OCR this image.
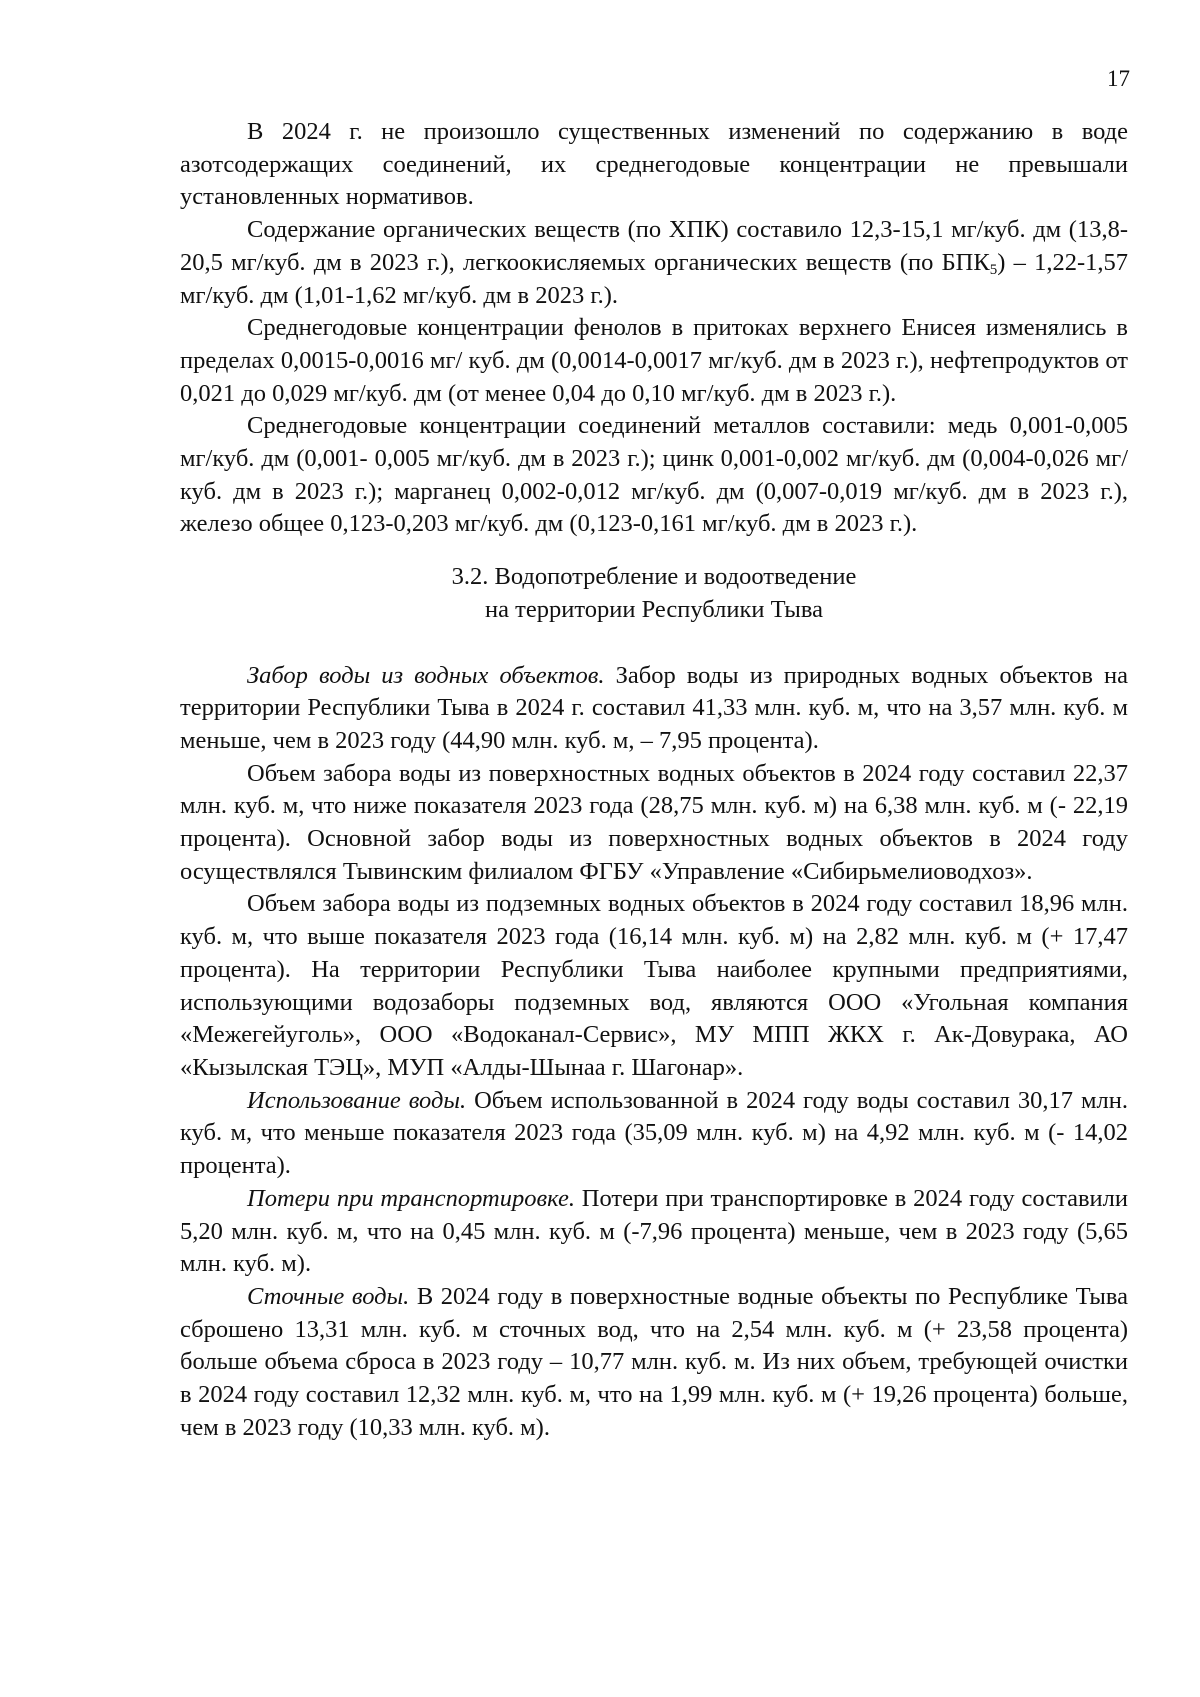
17

В 2024 г. не произошло существенных изменений по содержанию в воде азотсодержащих соединений, их среднегодовые концентрации не превышали установленных нормативов.

Содержание органических веществ (по ХПК) составило 12,3-15,1 мг/куб. дм (13,8-20,5 мг/куб. дм в 2023 г.), легкоокисляемых органических веществ (по $БПК_5) - 1,22-1,57$ мг/куб. дм (1,01-1,62 мг/куб. дм в 2023 г.).

Среднегодовые концентрации фенолов в притоках верхнего Енисея изменялись в пределах 0,0015-0,0016 мг/ куб. дм (0,0014-0,0017 мг/куб. дм в 2023 г.), нефтепродуктов от 0,021 до 0,029 мг/куб. дм (от менее 0,04 до 0,10 мг/куб. дм в 2023 г.).

Среднегодовые концентрации соединений металлов составили: медь 0,001-0,005 мг/куб. дм (0,001- 0,005 мг/куб. дм в 2023 г.); цинк 0,001-0,002 мг/куб. дм (0,004-0,026 мг/куб. дм в 2023 г.); марганец 0,002-0,012 мг/куб. дм (0,007-0,019 мг/куб. дм в 2023 г.), железо общее 0,123-0,203 мг/куб. дм (0,123-0,161 мг/куб. дм в 2023 г.).

3.2. Водопотребление и водоотведение
на территории Республики Тыва

Забор воды из водных объектов. Забор воды из природных водных объектов на территории Республики Тыва в 2024 г. составил 41,33 млн. куб. м, что на 3,57 млн. куб. м меньше, чем в 2023 году (44,90 млн. куб. м, – 7,95 процента).

Объем забора воды из поверхностных водных объектов в 2024 году составил 22,37 млн. куб. м, что ниже показателя 2023 года (28,75 млн. куб. м) на 6,38 млн. куб. м (- 22,19 процента). Основной забор воды из поверхностных водных объектов в 2024 году осуществлялся Тывинским филиалом ФГБУ «Управление «Сибирьмелиоводхоз».

Объем забора воды из подземных водных объектов в 2024 году составил 18,96 млн. куб. м, что выше показателя 2023 года (16,14 млн. куб. м) на 2,82 млн. куб. м (+ 17,47 процента). На территории Республики Тыва наиболее крупными предприятиями, использующими водозаборы подземных вод, являются ООО «Угольная компания «Межегейуголь», ООО «Водоканал-Сервис», МУ МПП ЖКХ г. Ак-Довурака, АО «Кызылская ТЭЦ», МУП «Алды-Шынаа г. Шагонар».

Использование воды. Объем использованной в 2024 году воды составил 30,17 млн. куб. м, что меньше показателя 2023 года (35,09 млн. куб. м) на 4,92 млн. куб. м (- 14,02 процента).

Потери при транспортировке. Потери при транспортировке в 2024 году составили 5,20 млн. куб. м, что на 0,45 млн. куб. м (-7,96 процента) меньше, чем в 2023 году (5,65 млн. куб. м).

Сточные воды. В 2024 году в поверхностные водные объекты по Республике Тыва сброшено 13,31 млн. куб. м сточных вод, что на 2,54 млн. куб. м (+ 23,58 процента) больше объема сброса в 2023 году – 10,77 млн. куб. м. Из них объем, требующей очистки в 2024 году составил 12,32 млн. куб. м, что на 1,99 млн. куб. м (+ 19,26 процента) больше, чем в 2023 году (10,33 млн. куб. м).
